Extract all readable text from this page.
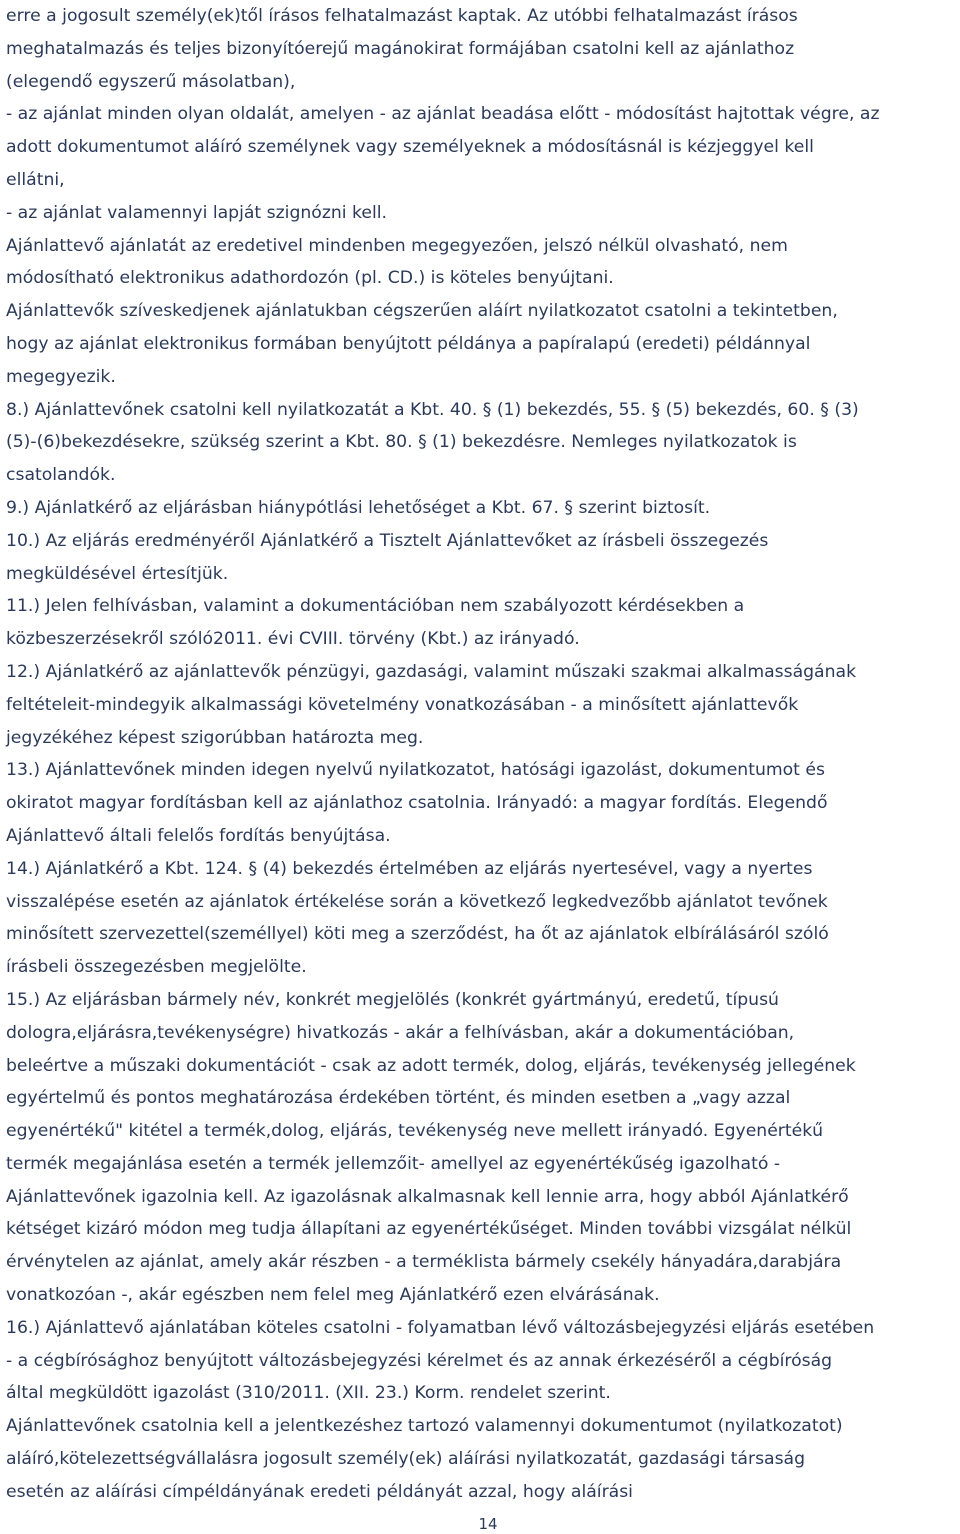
erre a jogosult személy(ek)től írásos felhatalmazást kaptak. Az utóbbi felhatalmazást írásos
meghatalmazás és teljes bizonyítóerejű magánokirat formájában csatolni kell az ajánlathoz
(elegendő egyszerű másolatban),
- az ajánlat minden olyan oldalát, amelyen - az ajánlat beadása előtt - módosítást hajtottak végre, az
adott dokumentumot aláíró személynek vagy személyeknek a módosításnál is kézjeggyel kell
ellátni,
- az ajánlat valamennyi lapját szignózni kell.
Ajánlattevő ajánlatát az eredetivel mindenben megegyezően, jelszó nélkül olvasható, nem
módosítható elektronikus adathordozón (pl. CD.) is köteles benyújtani.
Ajánlattevők szíveskedjenek ajánlatukban cégszerűen aláírt nyilatkozatot csatolni a tekintetben,
hogy az ajánlat elektronikus formában benyújtott példánya a papíralapú (eredeti) példánnyal
megegyezik.
8.) Ajánlattevőnek csatolni kell nyilatkozatát a Kbt. 40. § (1) bekezdés, 55. § (5) bekezdés, 60. § (3)
(5)-(6)bekezdésekre, szükség szerint a Kbt. 80. § (1) bekezdésre. Nemleges nyilatkozatok is
csatolandók.
9.) Ajánlatkérő az eljárásban hiánypótlási lehetőséget a Kbt. 67. § szerint biztosít.
10.) Az eljárás eredményéről Ajánlatkérő a Tisztelt Ajánlattevőket az írásbeli összegezés
megküldésével értesítjük.
11.) Jelen felhívásban, valamint a dokumentációban nem szabályozott kérdésekben a
közbeszerzésekről szóló2011. évi CVIII. törvény (Kbt.) az irányadó.
12.) Ajánlatkérő az ajánlattevők pénzügyi, gazdasági, valamint műszaki szakmai alkalmasságának
feltételeit-mindegyik alkalmassági követelmény vonatkozásában - a minősített ajánlattevők
jegyzékéhez képest szigorúbban határozta meg.
13.) Ajánlattevőnek minden idegen nyelvű nyilatkozatot, hatósági igazolást, dokumentumot és
okiratot magyar fordításban kell az ajánlathoz csatolnia. Irányadó: a magyar fordítás. Elegendő
Ajánlattevő általi felelős fordítás benyújtása.
14.) Ajánlatkérő a Kbt. 124. § (4) bekezdés értelmében az eljárás nyertesével, vagy a nyertes
visszalépése esetén az ajánlatok értékelése során a következő legkedvezőbb ajánlatot tevőnek
minősített szervezettel(személlyel) köti meg a szerződést, ha őt az ajánlatok elbírálásáról szóló
írásbeli összegezésben megjelölte.
15.) Az eljárásban bármely név, konkrét megjelölés (konkrét gyártmányú, eredetű, típusú
dologra,eljárásra,tevékenységre) hivatkozás - akár a felhívásban, akár a dokumentációban,
beleértve a műszaki dokumentációt - csak az adott termék, dolog, eljárás, tevékenység jellegének
egyértelmű és pontos meghatározása érdekében történt, és minden esetben a „vagy azzal
egyenértékű" kitétel a termék,dolog, eljárás, tevékenység neve mellett irányadó. Egyenértékű
termék megajánlása esetén a termék jellemzőit- amellyel az egyenértékűség igazolható -
Ajánlattevőnek igazolnia kell. Az igazolásnak alkalmasnak kell lennie arra, hogy abból Ajánlatkérő
kétséget kizáró módon meg tudja állapítani az egyenértékűséget. Minden további vizsgálat nélkül
érvénytelen az ajánlat, amely akár részben - a terméklista bármely csekély hányadára,darabjára
vonatkozóan -, akár egészben nem felel meg Ajánlatkérő ezen elvárásának.
16.) Ajánlattevő ajánlatában köteles csatolni - folyamatban lévő változásbejegyzési eljárás esetében
- a cégbírósághoz benyújtott változásbejegyzési kérelmet és az annak érkezéséről a cégbíróság
által megküldött igazolást (310/2011. (XII. 23.) Korm. rendelet szerint.
Ajánlattevőnek csatolnia kell a jelentkezéshez tartozó valamennyi dokumentumot (nyilatkozatot)
aláíró,kötelezettségvállalásra jogosult személy(ek) aláírási nyilatkozatát, gazdasági társaság
esetén az aláírási címpéldányának eredeti példányát azzal, hogy aláírási
14
